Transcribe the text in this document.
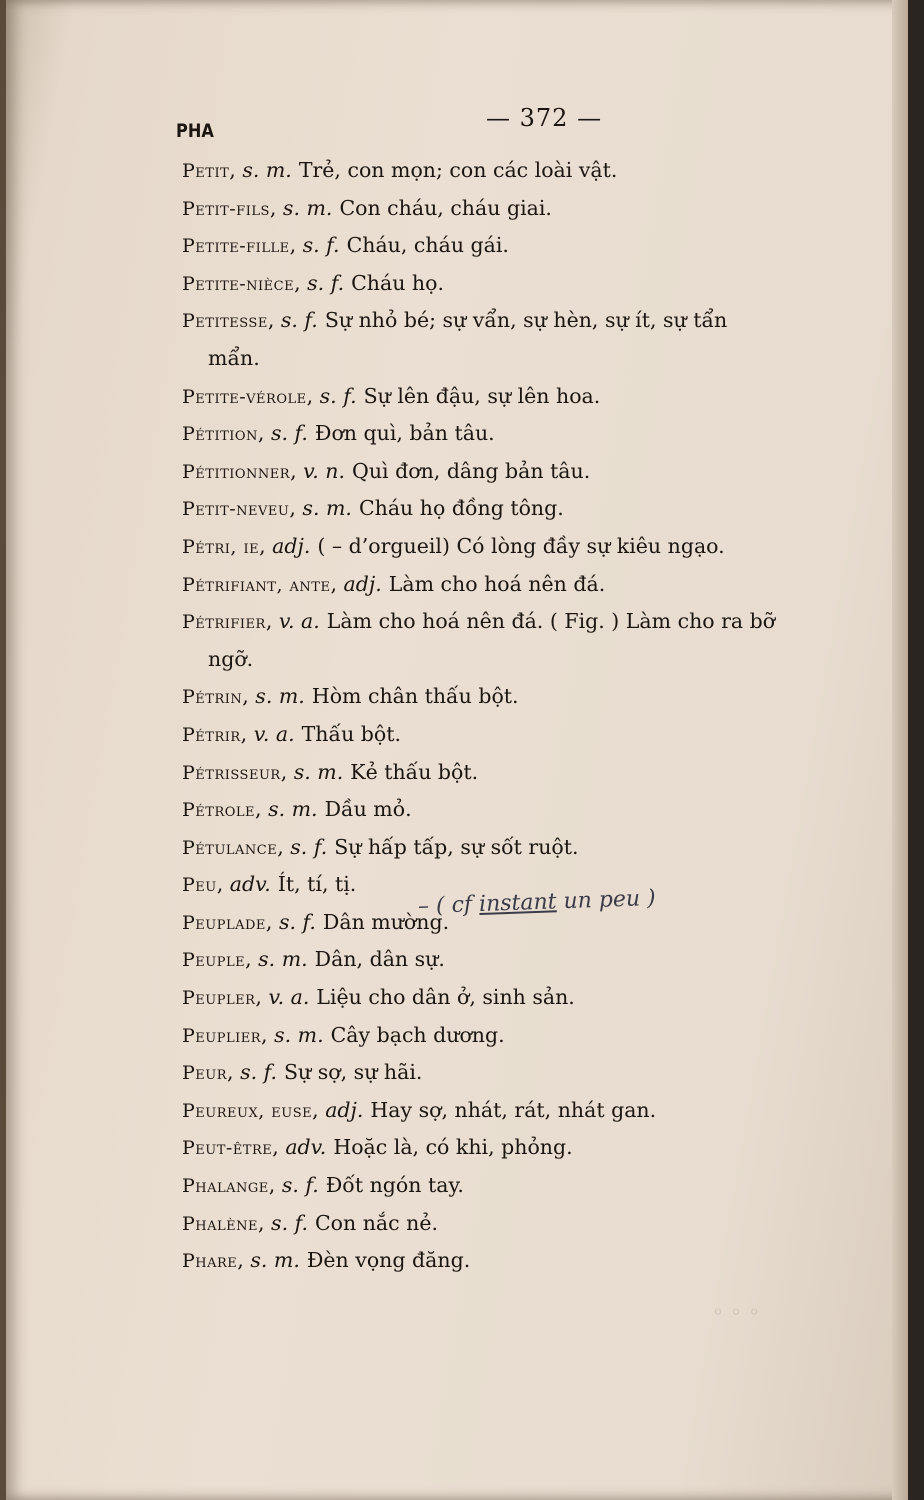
PHA	— 372 —
Petit, s. m. Trẻ, con mọn; con các loài vật.
Petit-fils, s. m. Con cháu, cháu giai.
Petite-fille, s. f. Cháu, cháu gái.
Petite-nièce, s. f. Cháu họ.
Petitesse, s. f. Sự nhỏ bé; sự vẩn, sự hèn, sự ít, sự tẩn
mẩn.
Petite-vérole, s. f. Sự lên đậu, sự lên hoa.
Pétition, s. f. Đơn quì, bản tâu.
Pétitionner, v. n. Quì đơn, dâng bản tâu.
Petit-neveu, s. m. Cháu họ đồng tông.
Pétri, ie, adj. ( – d’orgueil) Có lòng đầy sự kiêu ngạo.
Pétrifiant, ante, adj. Làm cho hoá nên đá.
Pétrifier, v. a. Làm cho hoá nên đá. ( Fig. ) Làm cho ra bỡ
ngỡ.
Pétrin, s. m. Hòm chân thấu bột.
Pétrir, v. a. Thấu bột.
Pétrisseur, s. m. Kẻ thấu bột.
Pétrole, s. m. Dầu mỏ.
Pétulance, s. f. Sự hấp tấp, sự sốt ruột.
Peu, adv. Ít, tí, tị.
Peuplade, s. f. Dân mường.
Peuple, s. m. Dân, dân sự.
Peupler, v. a. Liệu cho dân ở, sinh sản.
Peuplier, s. m. Cây bạch dương.
Peur, s. f. Sự sợ, sự hãi.
Peureux, euse, adj. Hay sợ, nhát, rát, nhát gan.
Peut-être, adv. Hoặc là, có khi, phỏng.
Phalange, s. f. Đốt ngón tay.
Phalène, s. f. Con nắc nẻ.
Phare, s. m. Đèn vọng đăng.
– ( cf instant un peu )
◦ ◦ ◦
